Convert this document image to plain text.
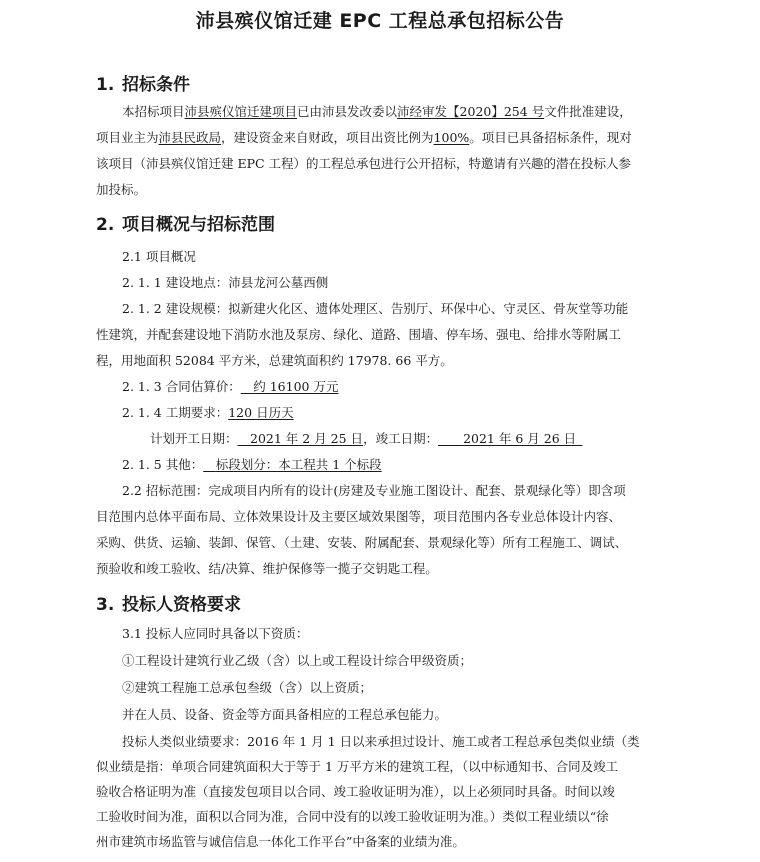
沛县殡仪馆迁建 EPC 工程总承包招标公告
1. 招标条件
本招标项目沛县殡仪馆迁建项目已由沛县发改委以沛经审发【2020】254 号文件批准建设，
项目业主为沛县民政局，建设资金来自财政，项目出资比例为100%。项目已具备招标条件，现对
该项目（沛县殡仪馆迁建 EPC 工程）的工程总承包进行公开招标，特邀请有兴趣的潜在投标人参
加投标。
2. 项目概况与招标范围
2.1 项目概况
2. 1. 1 建设地点：沛县龙河公墓西侧
2. 1. 2 建设规模：拟新建火化区、遗体处理区、告别厅、环保中心、守灵区、骨灰堂等功能
性建筑，并配套建设地下消防水池及泵房、绿化、道路、围墙、停车场、强电、给排水等附属工
程，用地面积 52084 平方米，总建筑面积约 17978. 66 平方。
2. 1. 3 合同估算价：  约 16100 万元
2. 1. 4 工期要求：120 日历天
计划开工日期：  2021 年 2 月 25 日，竣工日期：   2021 年 6 月 26 日 
2. 1. 5 其他：  标段划分：本工程共 1 个标段
2.2 招标范围：完成项目内所有的设计(房建及专业施工图设计、配套、景观绿化等）即含项
目范围内总体平面布局、立体效果设计及主要区域效果图等，项目范围内各专业总体设计内容、
采购、供货、运输、装卸、保管、（土建、安装、附属配套、景观绿化等）所有工程施工、调试、
预验收和竣工验收、结/决算、维护保修等一揽子交钥匙工程。
3. 投标人资格要求
3.1 投标人应同时具备以下资质：
①工程设计建筑行业乙级（含）以上或工程设计综合甲级资质；
②建筑工程施工总承包叁级（含）以上资质；
并在人员、设备、资金等方面具备相应的工程总承包能力。
投标人类似业绩要求：2016 年 1 月 1 日以来承担过设计、施工或者工程总承包类似业绩（类
似业绩是指：单项合同建筑面积大于等于 1 万平方米的建筑工程，（以中标通知书、合同及竣工
验收合格证明为准（直接发包项目以合同、竣工验收证明为准），以上必须同时具备。时间以竣
工验收时间为准，面积以合同为准，合同中没有的以竣工验收证明为准。）类似工程业绩以“徐
州市建筑市场监管与诚信信息一体化工作平台”中备案的业绩为准。
